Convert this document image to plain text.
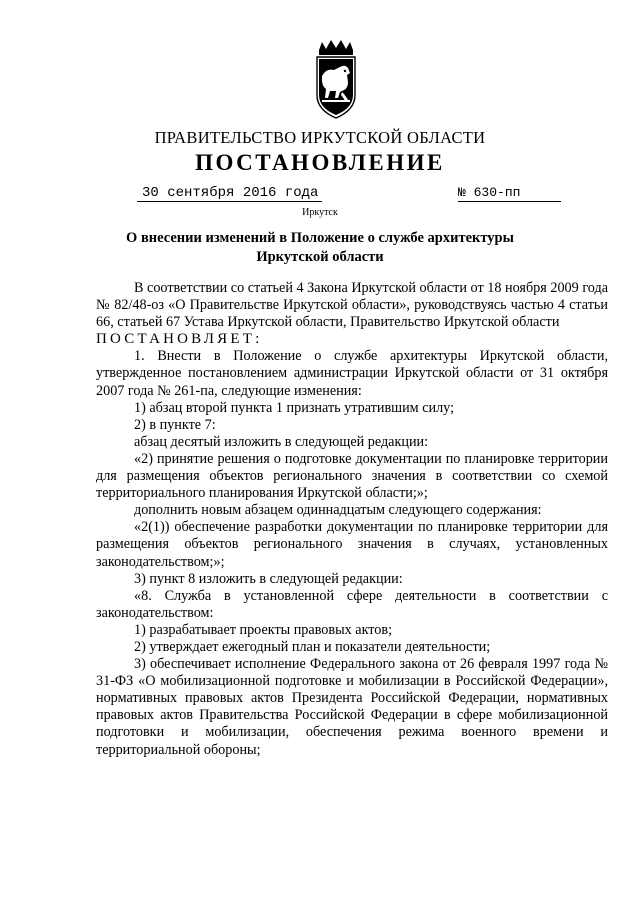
ПРАВИТЕЛЬСТВО ИРКУТСКОЙ ОБЛАСТИ
ПОСТАНОВЛЕНИЕ
30 сентября 2016 года	№ 630-пп
Иркутск
О внесении изменений в Положение о службе архитектуры
Иркутской области

В соответствии со статьей 4 Закона Иркутской области от 18 ноября 2009 года № 82/48-оз «О Правительстве Иркутской области», руководствуясь частью 4 статьи 66, статьей 67 Устава Иркутской области, Правительство Иркутской области

ПОСТАНОВЛЯЕТ:

1. Внести в Положение о службе архитектуры Иркутской области, утвержденное постановлением администрации Иркутской области от 31 октября 2007 года № 261-па, следующие изменения:

1) абзац второй пункта 1 признать утратившим силу;

2) в пункте 7:

абзац десятый изложить в следующей редакции:

«2) принятие решения о подготовке документации по планировке территории для размещения объектов регионального значения в соответствии со схемой территориального планирования Иркутской области;»;

дополнить новым абзацем одиннадцатым следующего содержания:

«2(1)) обеспечение разработки документации по планировке территории для размещения объектов регионального значения в случаях, установленных законодательством;»;

3) пункт 8 изложить в следующей редакции:

«8. Служба в установленной сфере деятельности в соответствии с законодательством:

1) разрабатывает проекты правовых актов;

2) утверждает ежегодный план и показатели деятельности;

3) обеспечивает исполнение Федерального закона от 26 февраля 1997 года № 31-ФЗ «О мобилизационной подготовке и мобилизации в Российской Федерации», нормативных правовых актов Президента Российской Федерации, нормативных правовых актов Правительства Российской Федерации в сфере мобилизационной подготовки и мобилизации, обеспечения режима военного времени и территориальной обороны;
